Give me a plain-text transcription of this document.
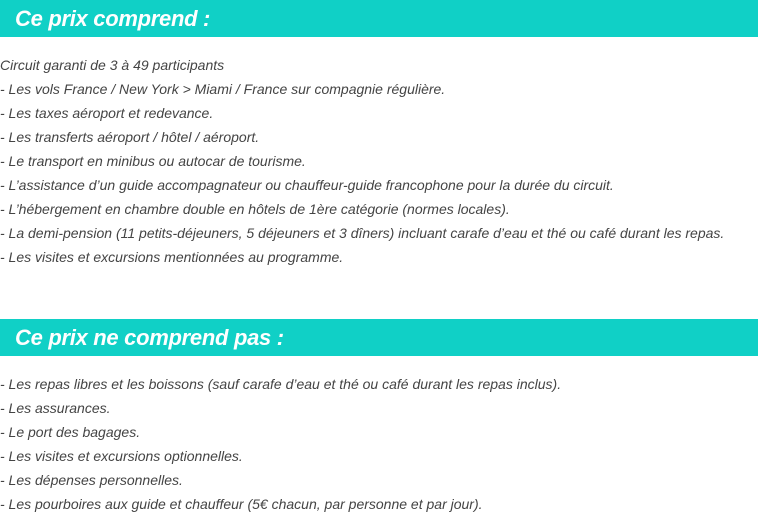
Ce prix comprend :
Circuit garanti de 3 à 49 participants
- Les vols France / New York > Miami / France sur compagnie régulière.
- Les taxes aéroport et redevance.
- Les transferts aéroport / hôtel / aéroport.
- Le transport en minibus ou autocar de tourisme.
- L’assistance d’un guide accompagnateur ou chauffeur-guide francophone pour la durée du circuit.
- L’hébergement en chambre double en hôtels de 1ère catégorie (normes locales).
- La demi-pension (11 petits-déjeuners, 5 déjeuners et 3 dîners) incluant carafe d’eau et thé ou café durant les repas.
- Les visites et excursions mentionnées au programme.
Ce prix ne comprend pas :
- Les repas libres et les boissons (sauf carafe d’eau et thé ou café durant les repas inclus).
- Les assurances.
- Le port des bagages.
- Les visites et excursions optionnelles.
- Les dépenses personnelles.
- Les pourboires aux guide et chauffeur (5€ chacun, par personne et par jour).
